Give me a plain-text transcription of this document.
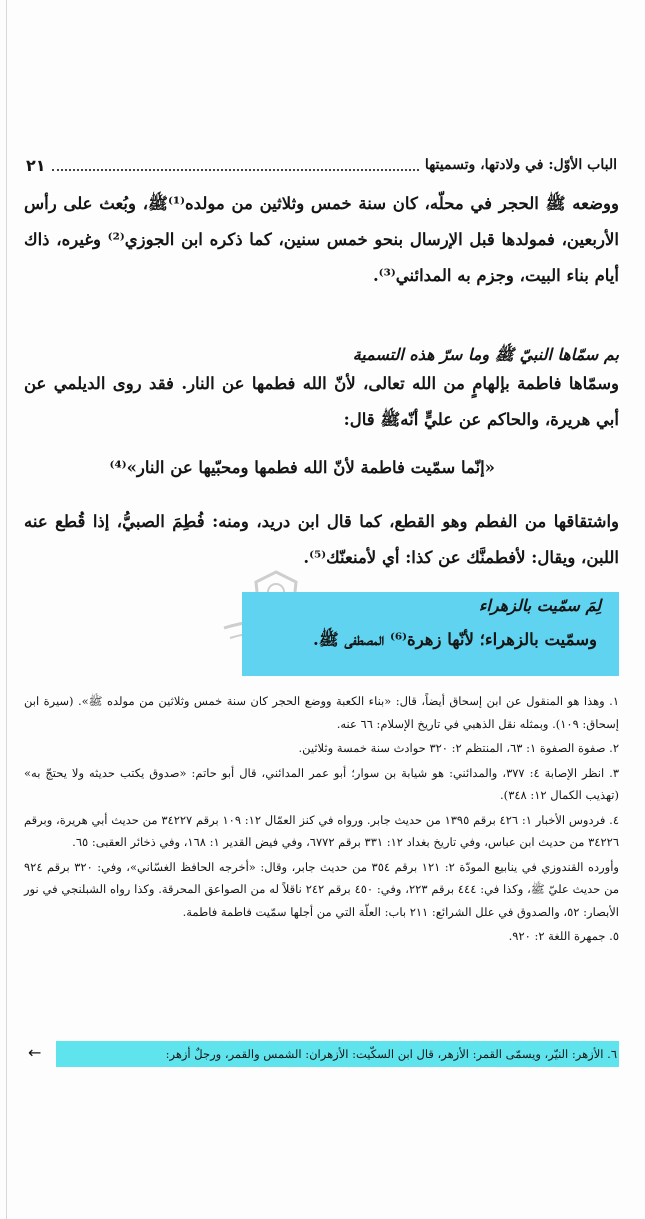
الباب الأوّل: في ولادتها، وتسميتها
٢١
ووضعه ﷺ الحجر في محلّه، كان سنة خمس وثلاثين من مولده⁽¹⁾ﷺ، وبُعث على رأس الأربعين، فمولدها قبل الإرسال بنحو خمس سنين، كما ذكره ابن الجوزي⁽²⁾ وغيره، ذاك أيام بناء البيت، وجزم به المدائني⁽³⁾.
بم سمّاها النبيّ ﷺ وما سرّ هذه التسمية
وسمّاها فاطمة بإلهامٍ من الله تعالى، لأنّ الله فطمها عن النار. فقد روى الديلمي عن أبي هريرة، والحاكم عن عليٍّ أنّهﷺ قال:
«إنّما سمّيت فاطمة لأنّ الله فطمها ومحبّيها عن النار»⁽⁴⁾
واشتقاقها من الفطم وهو القطع، كما قال ابن دريد، ومنه: فُطِمَ الصبيُّ، إذا قُطع عنه اللبن، ويقال: لأفطمنَّك عن كذا: أي لأمنعنّك⁽⁵⁾.
لِمَ سمّيت بالزهراء
وسمّيت بالزهراء؛ لأنّها زهرة⁽⁶⁾ المصطفى ﷺ.
١. وهذا هو المنقول عن ابن إسحاق أيضاً، قال: «بناء الكعبة ووضع الحجر كان سنة خمس وثلاثين من مولده ﷺ». (سيرة ابن إسحاق: ١٠٩). وبمثله نقل الذهبي في تاريخ الإسلام: ٦٦ عنه.
٢. صفوة الصفوة ١: ٦٣، المنتظم ٢: ٣٢٠ حوادث سنة خمسة وثلاثين.
٣. انظر الإصابة ٤: ٣٧٧، والمدائني: هو شيابة بن سوار؛ أبو عمر المدائني، قال أبو حاتم: «صدوق يكتب حديثه ولا يحتجّ به» (تهذيب الكمال ١٢: ٣٤٨).
٤. فردوس الأخبار ١: ٤٢٦ برقم ١٣٩٥ من حديث جابر. ورواه في كنز العمّال ١٢: ١٠٩ برقم ٣٤٢٢٧ من حديث أبي هريرة، وبرقم ٣٤٢٢٦ من حديث ابن عباس، وفي تاريخ بغداد ١٢: ٣٣١ برقم ٦٧٧٢، وفي فيض القدير ١: ١٦٨، وفي ذخائر العقبى: ٦٥.
وأورده القندوزي في ينابيع المودّة ٢: ١٢١ برقم ٣٥٤ من حديث جابر، وقال: «أخرجه الحافظ الغسّاني»، وفي: ٣٢٠ برقم ٩٢٤ من حديث عليّ ﷺ، وكذا في: ٤٤٤ برقم ٢٢٣، وفي: ٤٥٠ برقم ٢٤٢ ناقلاً له من الصواعق المحرقة. وكذا رواه الشبلنجي في نور الأبصار: ٥٢، والصدوق في علل الشرائع: ٢١١ باب: العلّة التي من أجلها سمّيت فاطمة فاطمة.
٥. جمهرة اللغة ٢: ٩٢٠.
٦. الأزهر: النيّر، ويسمّى القمر: الأزهر، قال ابن السكّيت: الأزهران: الشمس والقمر، ورجلٌ أزهر:
←
